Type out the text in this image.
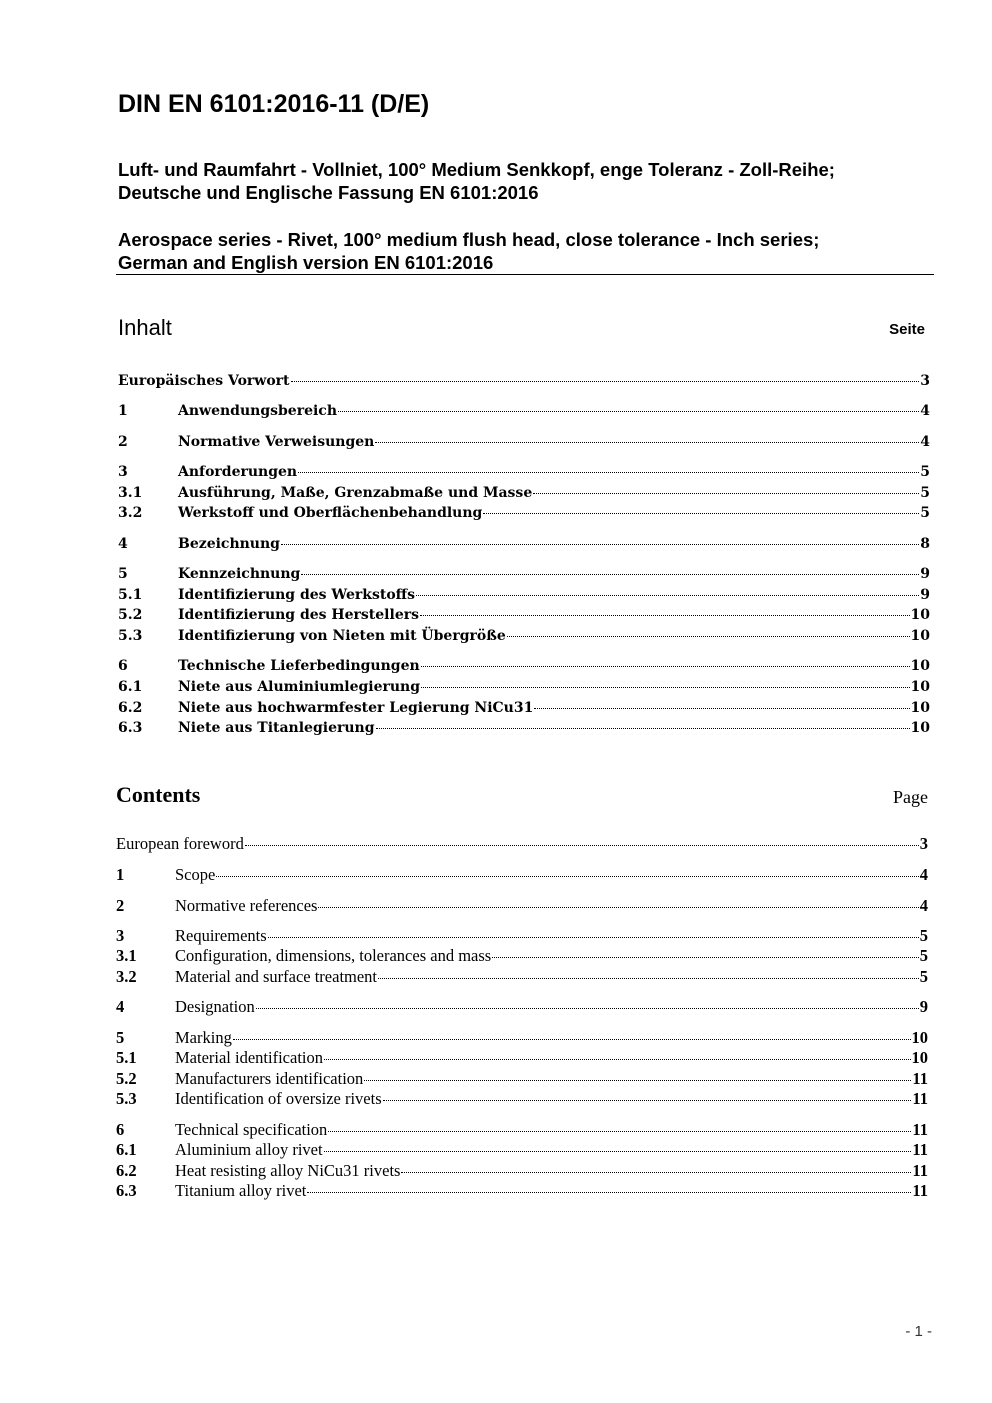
DIN EN 6101:2016-11 (D/E)

Luft- und Raumfahrt - Vollniet, 100° Medium Senkkopf, enge Toleranz - Zoll-Reihe;
Deutsche und Englische Fassung EN 6101:2016

Aerospace series - Rivet, 100° medium flush head, close tolerance - Inch series;
German and English version EN 6101:2016

Inhalt	Seite
Europäisches Vorwort	3
1	Anwendungsbereich	4
2	Normative Verweisungen	4
3	Anforderungen	5
3.1	Ausführung, Maße, Grenzabmaße und Masse	5
3.2	Werkstoff und Oberflächenbehandlung	5
4	Bezeichnung	8
5	Kennzeichnung	9
5.1	Identifizierung des Werkstoffs	9
5.2	Identifizierung des Herstellers	10
5.3	Identifizierung von Nieten mit Übergröße	10
6	Technische Lieferbedingungen	10
6.1	Niete aus Aluminiumlegierung	10
6.2	Niete aus hochwarmfester Legierung NiCu31	10
6.3	Niete aus Titanlegierung	10
Contents	Page
European foreword	3
1	Scope	4
2	Normative references	4
3	Requirements	5
3.1	Configuration, dimensions, tolerances and mass	5
3.2	Material and surface treatment	5
4	Designation	9
5	Marking	10
5.1	Material identification	10
5.2	Manufacturers identification	11
5.3	Identification of oversize rivets	11
6	Technical specification	11
6.1	Aluminium alloy rivet	11
6.2	Heat resisting alloy NiCu31 rivets	11
6.3	Titanium alloy rivet	11
- 1 -
